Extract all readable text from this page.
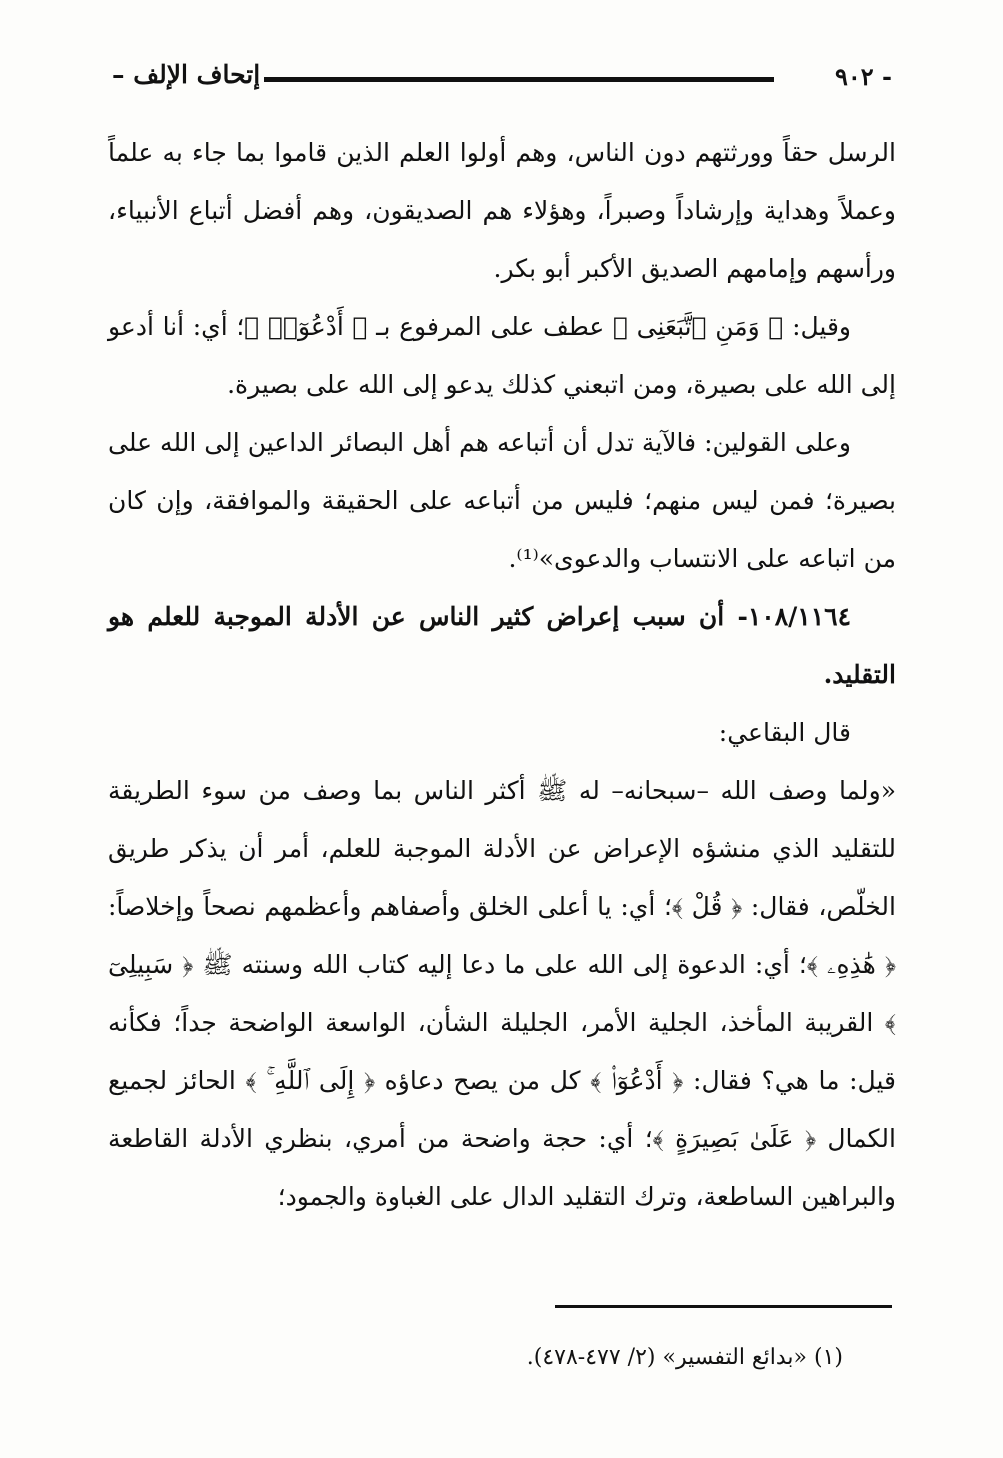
- ٩٠٢
إتحاف الإلف –

الرسل حقاً وورثتهم دون الناس، وهم أولوا العلم الذين قاموا بما جاء به علماً وعملاً وهداية وإرشاداً وصبراً، وهؤلاء هم الصديقون، وهم أفضل أتباع الأنبياء، ورأسهم وإمامهم الصديق الأكبر أبو بكر.

وقيل: ﴿ وَمَنِ ٱتَّبَعَنِى ﴾ عطف على المرفوع بـ ﴿ أَدْعُوٓا۟ ﴾؛ أي: أنا أدعو إلى الله على بصيرة، ومن اتبعني كذلك يدعو إلى الله على بصيرة.

وعلى القولين: فالآية تدل أن أتباعه هم أهل البصائر الداعين إلى الله على بصيرة؛ فمن ليس منهم؛ فليس من أتباعه على الحقيقة والموافقة، وإن كان من اتباعه على الانتساب والدعوى»⁽¹⁾.

١٠٨/١١٦٤- أن سبب إعراض كثير الناس عن الأدلة الموجبة للعلم هو التقليد.

قال البقاعي:

«ولما وصف الله –سبحانه– له ﷺ أكثر الناس بما وصف من سوء الطريقة للتقليد الذي منشؤه الإعراض عن الأدلة الموجبة للعلم، أمر أن يذكر طريق الخلّص، فقال: ﴿ قُلْ ﴾؛ أي: يا أعلى الخلق وأصفاهم وأعظمهم نصحاً وإخلاصاً: ﴿ هَٰذِهِۦ ﴾؛ أي: الدعوة إلى الله على ما دعا إليه كتاب الله وسنته ﷺ ﴿ سَبِيلِىٓ ﴾ القريبة المأخذ، الجلية الأمر، الجليلة الشأن، الواسعة الواضحة جداً؛ فكأنه قيل: ما هي؟ فقال: ﴿ أَدْعُوٓا۟ ﴾ كل من يصح دعاؤه ﴿ إِلَى ٱللَّهِ ۚ ﴾ الحائز لجميع الكمال ﴿ عَلَىٰ بَصِيرَةٍ ﴾؛ أي: حجة واضحة من أمري، بنظري الأدلة القاطعة والبراهين الساطعة، وترك التقليد الدال على الغباوة والجمود؛

(١) «بدائع التفسير» (٢/ ٤٧٧-٤٧٨).
